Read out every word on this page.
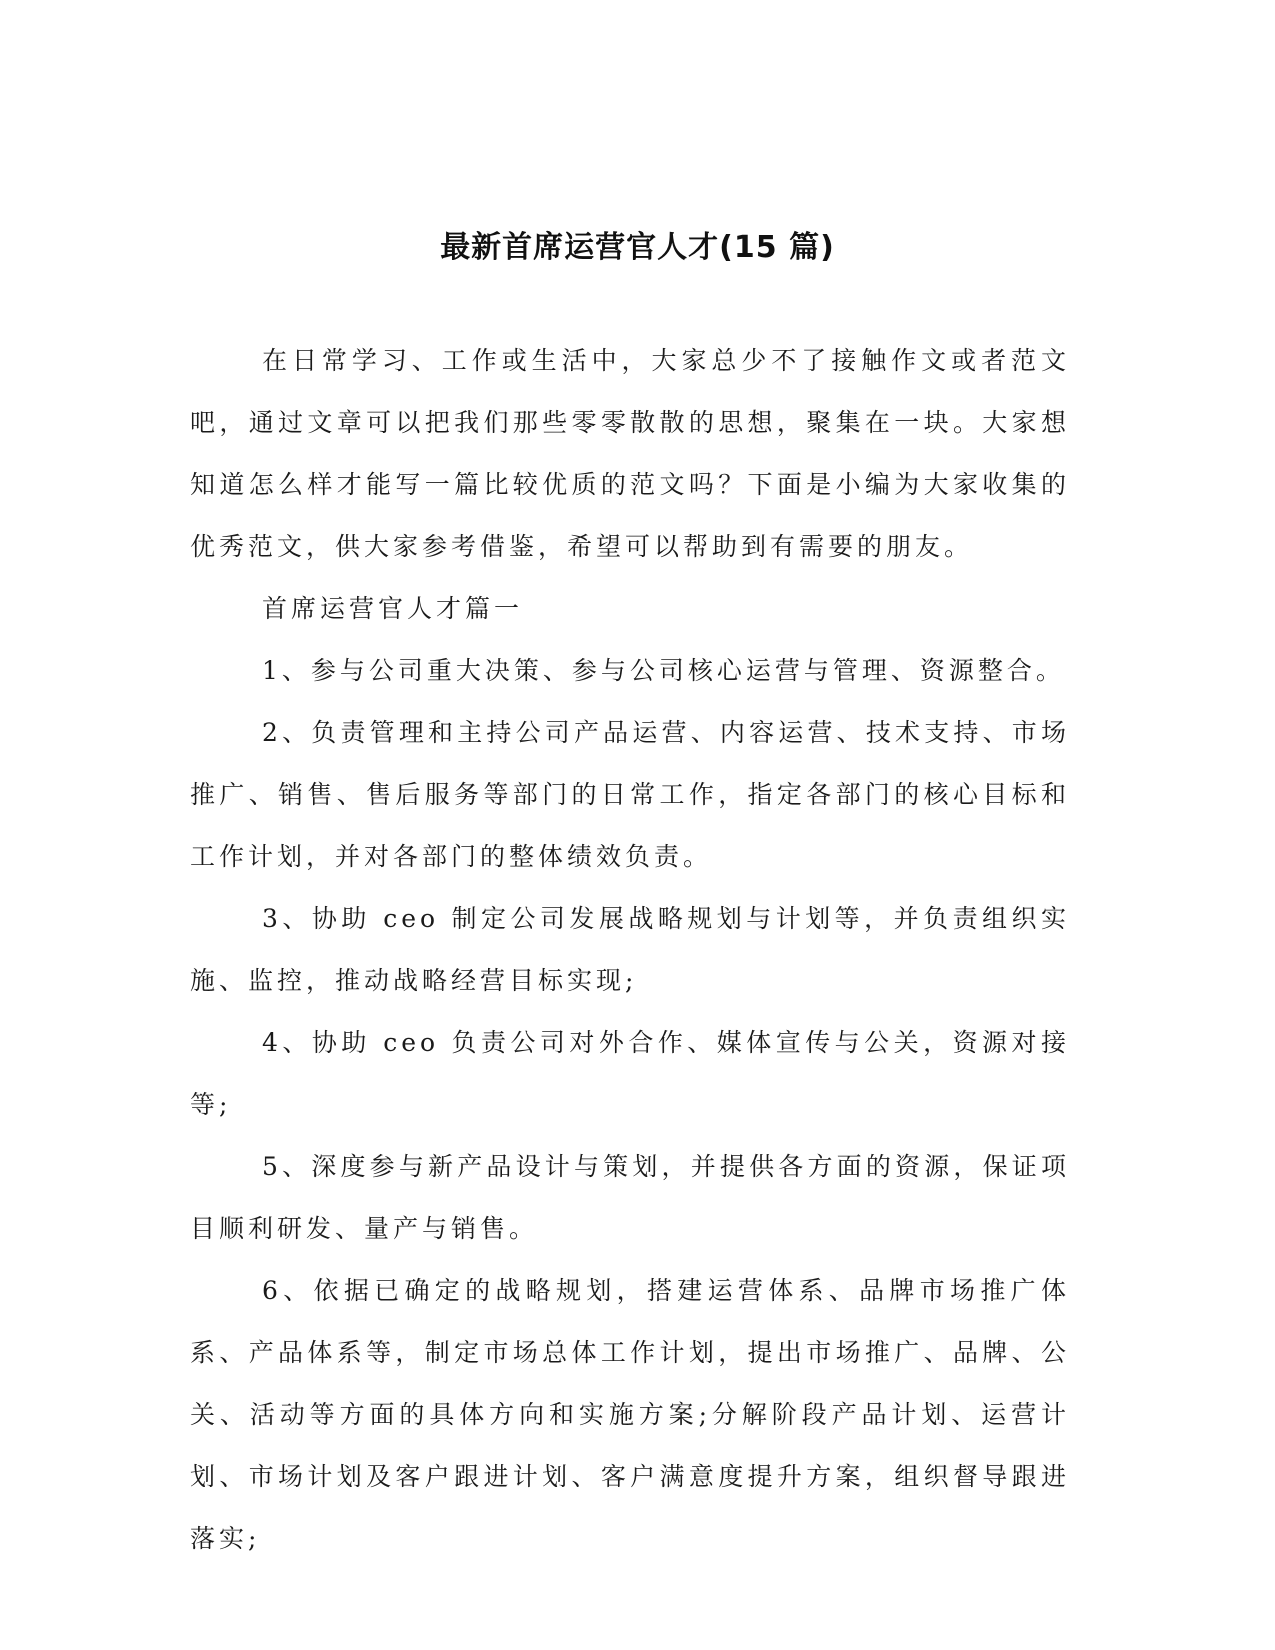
最新首席运营官人才(15 篇)

在日常学习、工作或生活中，大家总少不了接触作文或者范文吧，通过文章可以把我们那些零零散散的思想，聚集在一块。大家想知道怎么样才能写一篇比较优质的范文吗？下面是小编为大家收集的优秀范文，供大家参考借鉴，希望可以帮助到有需要的朋友。

首席运营官人才篇一

1、参与公司重大决策、参与公司核心运营与管理、资源整合。

2、负责管理和主持公司产品运营、内容运营、技术支持、市场推广、销售、售后服务等部门的日常工作，指定各部门的核心目标和工作计划，并对各部门的整体绩效负责。

3、协助 ceo 制定公司发展战略规划与计划等，并负责组织实施、监控，推动战略经营目标实现;

4、协助 ceo 负责公司对外合作、媒体宣传与公关，资源对接等;

5、深度参与新产品设计与策划，并提供各方面的资源，保证项目顺利研发、量产与销售。

6、依据已确定的战略规划，搭建运营体系、品牌市场推广体系、产品体系等，制定市场总体工作计划，提出市场推广、品牌、公关、活动等方面的具体方向和实施方案;分解阶段产品计划、运营计划、市场计划及客户跟进计划、客户满意度提升方案，组织督导跟进落实;
